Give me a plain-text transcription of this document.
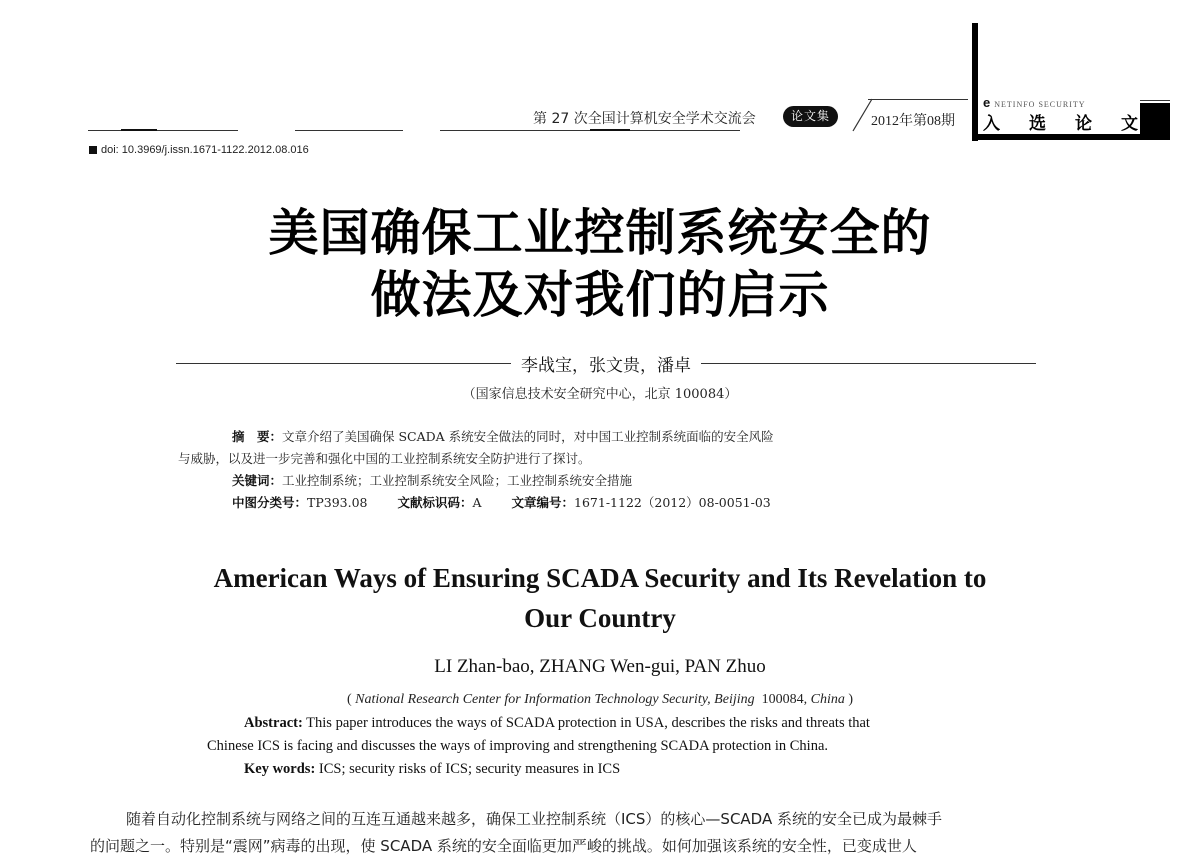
第 27 次全国计算机安全学术交流会	论文集	2012年第08期
e NETINFO SECURITY
入 选 论 文
doi: 10.3969/j.issn.1671-1122.2012.08.016
美国确保工业控制系统安全的
做法及对我们的启示
李战宝，张文贵，潘卓
（国家信息技术安全研究中心，北京 100084）
摘　要：文章介绍了美国确保 SCADA 系统安全做法的同时，对中国工业控制系统面临的安全风险
与威胁，以及进一步完善和强化中国的工业控制系统安全防护进行了探讨。
关键词：工业控制系统；工业控制系统安全风险；工业控制系统安全措施
中图分类号：TP393.08 文献标识码：A 文章编号：1671-1122（2012）08-0051-03
American Ways of Ensuring SCADA Security and Its Revelation to
Our Country
LI Zhan-bao, ZHANG Wen-gui, PAN Zhuo
( National Research Center for Information Technology Security, Beijing 100084, China )
Abstract: This paper introduces the ways of SCADA protection in USA, describes the risks and threats that
Chinese ICS is facing and discusses the ways of improving and strengthening SCADA protection in China.
Key words: ICS; security risks of ICS; security measures in ICS
随着自动化控制系统与网络之间的互连互通越来越多，确保工业控制系统（ICS）的核心—SCADA 系统的安全已成为最棘手
的问题之一。特别是“震网”病毒的出现，使 SCADA 系统的安全面临更加严峻的挑战。如何加强该系统的安全性，已变成世人
